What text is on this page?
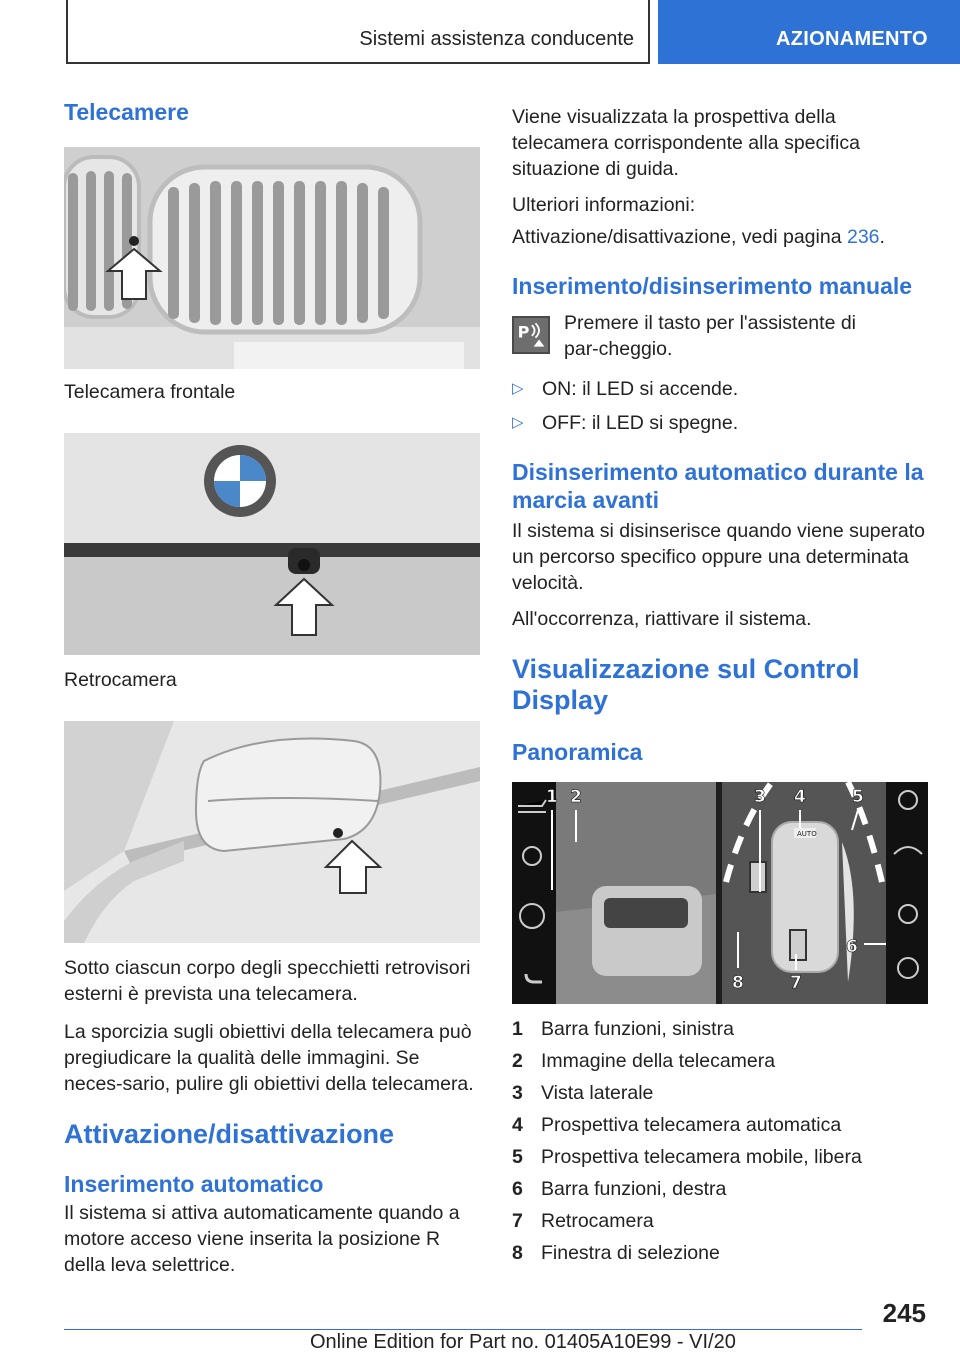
Sistemi assistenza conducente	AZIONAMENTO
Telecamere
Telecamera frontale
Retrocamera
Sotto ciascun corpo degli specchietti retrovisori esterni è prevista una telecamera.
La sporcizia sugli obiettivi della telecamera può pregiudicare la qualità delle immagini. Se neces-sario, pulire gli obiettivi della telecamera.
Attivazione/disattivazione
Inserimento automatico
Il sistema si attiva automaticamente quando a motore acceso viene inserita la posizione R della leva selettrice.
Viene visualizzata la prospettiva della telecamera corrispondente alla specifica situazione di guida.
Ulteriori informazioni:
Attivazione/disattivazione, vedi pagina 236.
Inserimento/disinserimento manuale
P Premere il tasto per l'assistente di par-cheggio.
▷ ON: il LED si accende.
▷ OFF: il LED si spegne.
Disinserimento automatico durante la marcia avanti
Il sistema si disinserisce quando viene superato un percorso specifico oppure una determinata velocità.
All'occorrenza, riattivare il sistema.
Visualizzazione sul Control Display
Panoramica
1 2	3 4	5
6
7
8
AUTO
1 Barra funzioni, sinistra
2 Immagine della telecamera
3 Vista laterale
4 Prospettiva telecamera automatica
5 Prospettiva telecamera mobile, libera
6 Barra funzioni, destra
7 Retrocamera
8 Finestra di selezione
245
Online Edition for Part no. 01405A10E99 - VI/20
